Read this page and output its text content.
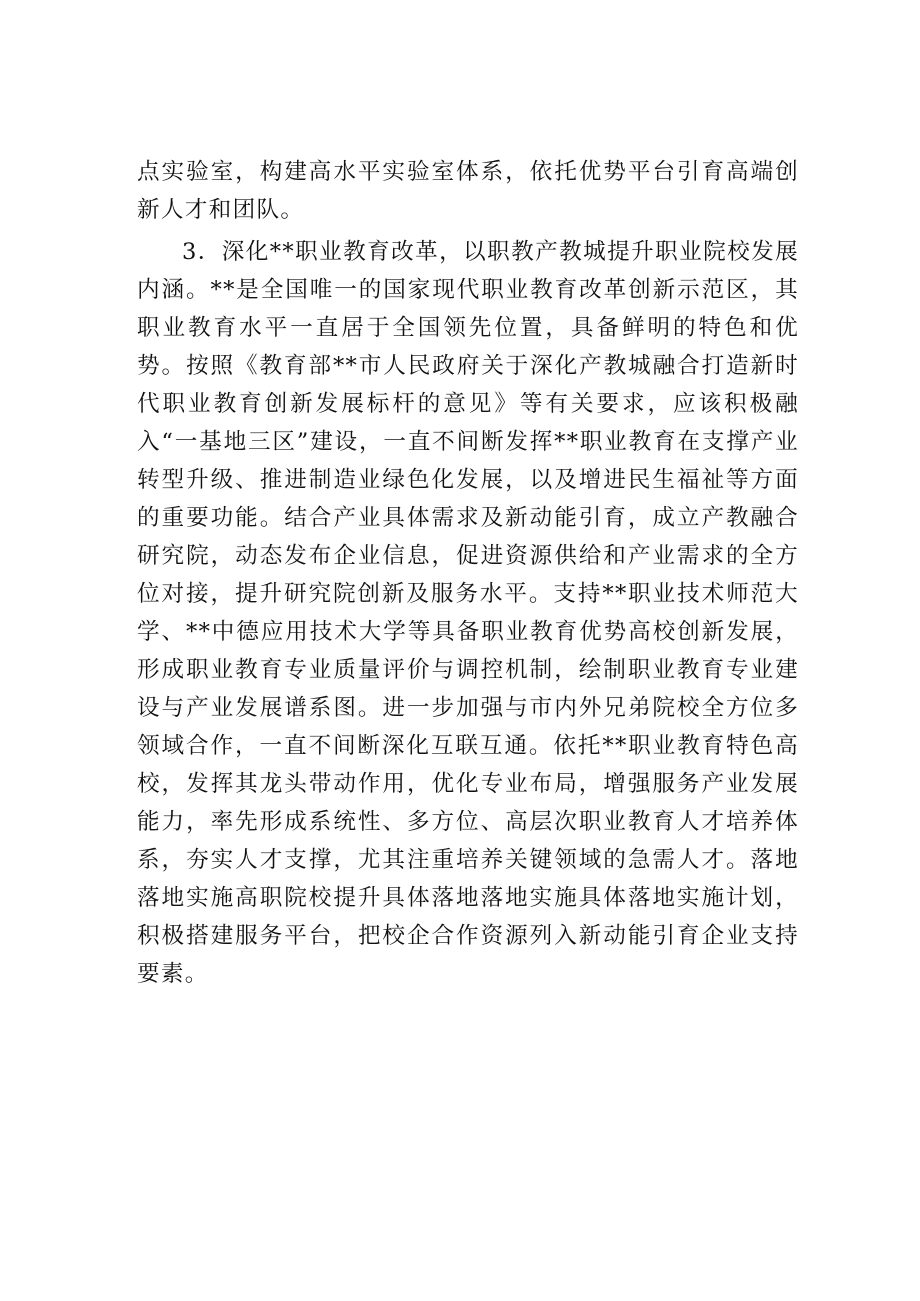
点实验室，构建高水平实验室体系，依托优势平台引育高端创新人才和团队。

3．深化**职业教育改革，以职教产教城提升职业院校发展内涵。**是全国唯一的国家现代职业教育改革创新示范区，其职业教育水平一直居于全国领先位置，具备鲜明的特色和优势。按照《教育部**市人民政府关于深化产教城融合打造新时代职业教育创新发展标杆的意见》等有关要求，应该积极融入“一基地三区”建设，一直不间断发挥**职业教育在支撑产业转型升级、推进制造业绿色化发展，以及增进民生福祉等方面的重要功能。结合产业具体需求及新动能引育，成立产教融合研究院，动态发布企业信息，促进资源供给和产业需求的全方位对接，提升研究院创新及服务水平。支持**职业技术师范大学、**中德应用技术大学等具备职业教育优势高校创新发展，形成职业教育专业质量评价与调控机制，绘制职业教育专业建设与产业发展谱系图。进一步加强与市内外兄弟院校全方位多领域合作，一直不间断深化互联互通。依托**职业教育特色高校，发挥其龙头带动作用，优化专业布局，增强服务产业发展能力，率先形成系统性、多方位、高层次职业教育人才培养体系，夯实人才支撑，尤其注重培养关键领域的急需人才。落地落地实施高职院校提升具体落地落地实施具体落地实施计划，积极搭建服务平台，把校企合作资源列入新动能引育企业支持要素。
